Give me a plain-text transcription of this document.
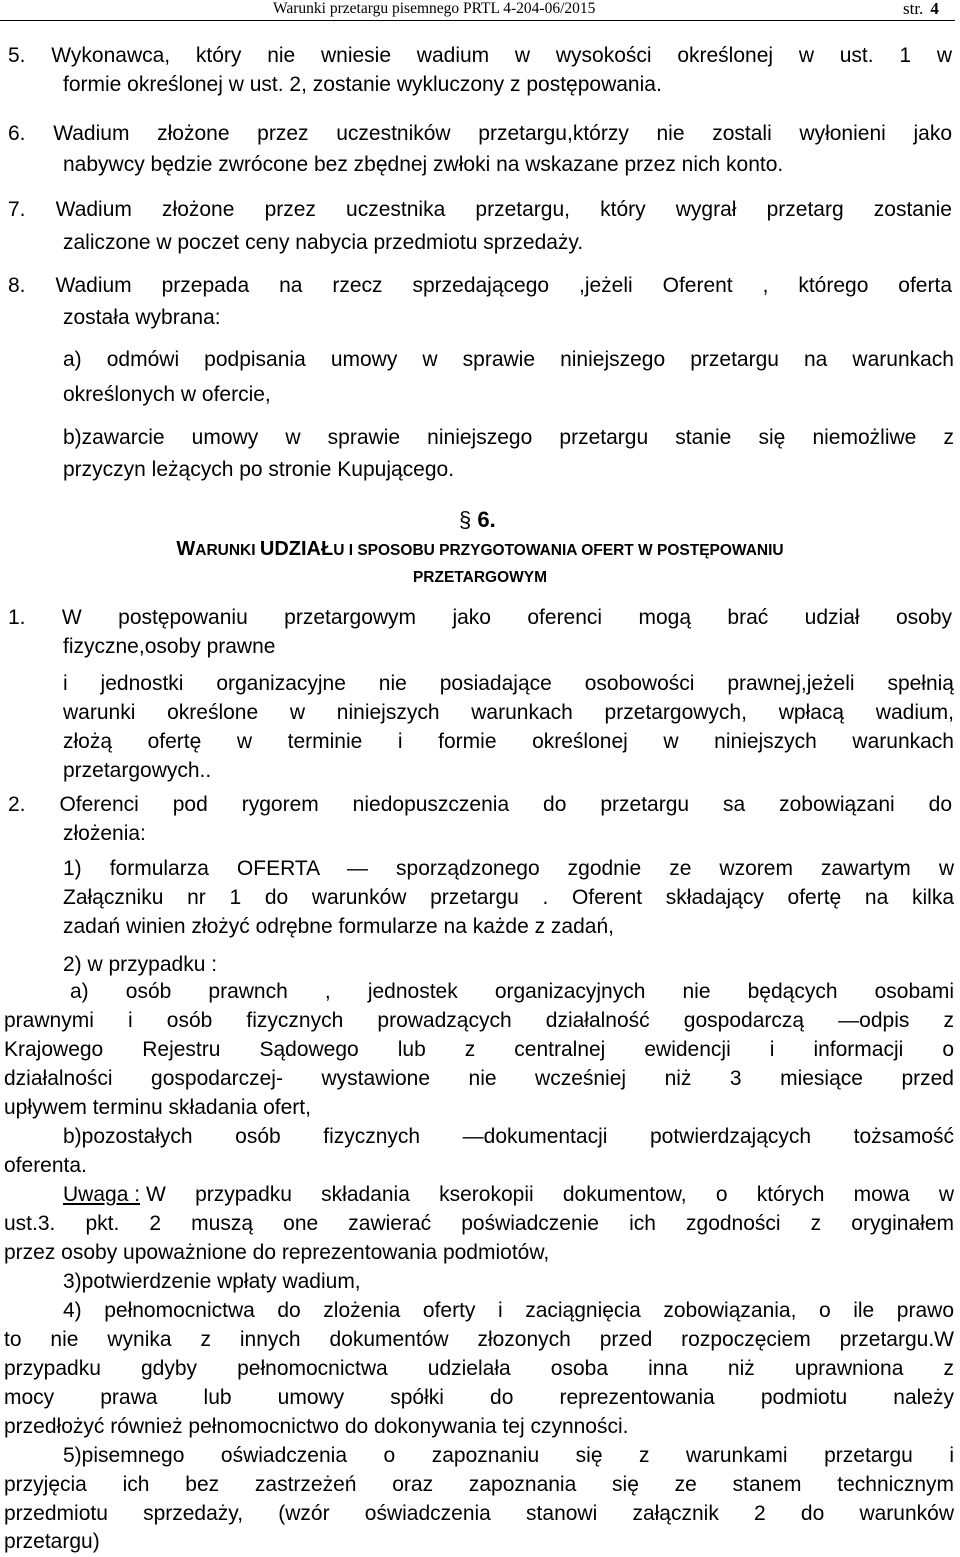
Warunki przetargu pisemnego PRTL 4-204-06/2015	str. 4
5. Wykonawca, który nie wniesie wadium w wysokości określonej w ust. 1 w
formie określonej w ust. 2, zostanie wykluczony z postępowania.
6. Wadium złożone przez uczestników przetargu,którzy nie zostali wyłonieni jako
nabywcy będzie zwrócone bez zbędnej zwłoki na wskazane przez nich konto.
7. Wadium złożone przez uczestnika przetargu, który wygrał przetarg zostanie
zaliczone w poczet ceny nabycia przedmiotu sprzedaży.
8. Wadium przepada na rzecz sprzedającego ,jeżeli Oferent , którego oferta
została wybrana:
a) odmówi podpisania umowy w sprawie niniejszego przetargu na warunkach
określonych w ofercie,
b)zawarcie umowy w sprawie niniejszego przetargu stanie się niemożliwe z
przyczyn leżących po stronie Kupującego.
§ 6.
WARUNKI UDZIAŁU I SPOSOBU PRZYGOTOWANIA OFERT W POSTĘPOWANIU
PRZETARGOWYM
1. W postępowaniu przetargowym jako oferenci mogą brać udział osoby
fizyczne,osoby prawne
i jednostki organizacyjne nie posiadające osobowości prawnej,jeżeli spełnią
warunki określone w niniejszych warunkach przetargowych, wpłacą wadium,
złożą ofertę w terminie i formie określonej w niniejszych warunkach
przetargowych..
2. Oferenci pod rygorem niedopuszczenia do przetargu sa zobowiązani do
złożenia:
1) formularza OFERTA — sporządzonego zgodnie ze wzorem zawartym w
Załączniku nr 1 do warunków przetargu . Oferent składający ofertę na kilka
zadań winien złożyć odrębne formularze na każde z zadań,
2) w przypadku :
a) osób prawnch , jednostek organizacyjnych nie będących osobami
prawnymi i osób fizycznych prowadzących działalność gospodarczą —odpis z
Krajowego Rejestru Sądowego lub z centralnej ewidencji i informacji o
działalności gospodarczej- wystawione nie wcześniej niż 3 miesiące przed
upływem terminu składania ofert,
b)pozostałych osób fizycznych —dokumentacji potwierdzających tożsamość
oferenta.
Uwaga : W przypadku składania kserokopii dokumentow, o których mowa w
ust.3. pkt. 2 muszą one zawierać poświadczenie ich zgodności z oryginałem
przez osoby upoważnione do reprezentowania podmiotów,
3)potwierdzenie wpłaty wadium,
4) pełnomocnictwa do zlożenia oferty i zaciągnięcia zobowiązania, o ile prawo
to nie wynika z innych dokumentów złozonych przed rozpoczęciem przetargu.W
przypadku gdyby pełnomocnictwa udzielała osoba inna niż uprawniona z
mocy prawa lub umowy spółki do reprezentowania podmiotu należy
przedłożyć również pełnomocnictwo do dokonywania tej czynności.
5)pisemnego oświadczenia o zapoznaniu się z warunkami przetargu i
przyjęcia ich bez zastrzeżeń oraz zapoznania się ze stanem technicznym
przedmiotu sprzedaży, (wzór oświadczenia stanowi załącznik 2 do warunków
przetargu)
